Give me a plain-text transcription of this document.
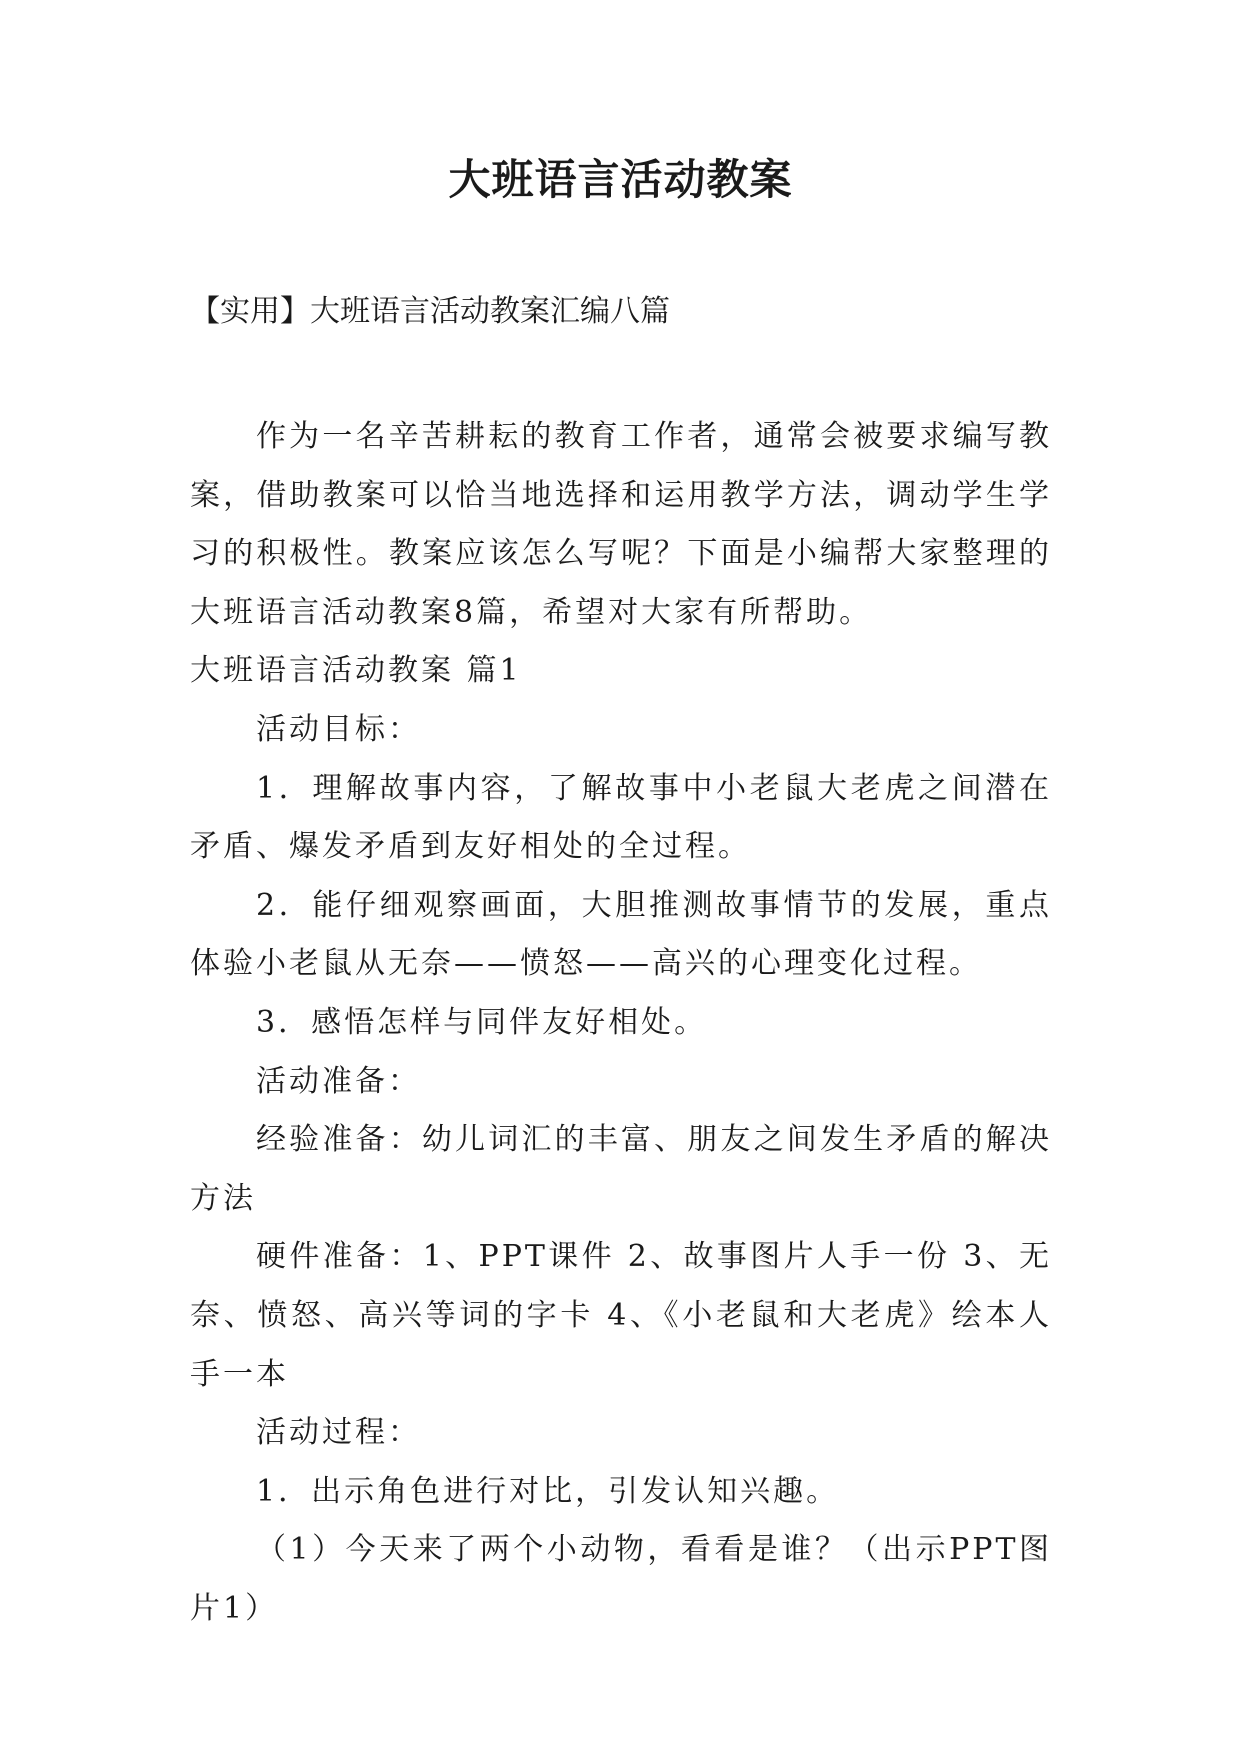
大班语言活动教案

【实用】大班语言活动教案汇编八篇

作为一名辛苦耕耘的教育工作者，通常会被要求编写教案，借助教案可以恰当地选择和运用教学方法，调动学生学习的积极性。教案应该怎么写呢？下面是小编帮大家整理的大班语言活动教案8篇，希望对大家有所帮助。

大班语言活动教案 篇1

活动目标：

1．理解故事内容，了解故事中小老鼠大老虎之间潜在矛盾、爆发矛盾到友好相处的全过程。

2．能仔细观察画面，大胆推测故事情节的发展，重点体验小老鼠从无奈——愤怒——高兴的心理变化过程。

3．感悟怎样与同伴友好相处。

活动准备：

经验准备：幼儿词汇的丰富、朋友之间发生矛盾的解决方法

硬件准备：1、PPT课件 2、故事图片人手一份 3、无奈、愤怒、高兴等词的字卡 4、《小老鼠和大老虎》绘本人手一本

活动过程：

1．出示角色进行对比，引发认知兴趣。

（1）今天来了两个小动物，看看是谁？（出示PPT图片1）
